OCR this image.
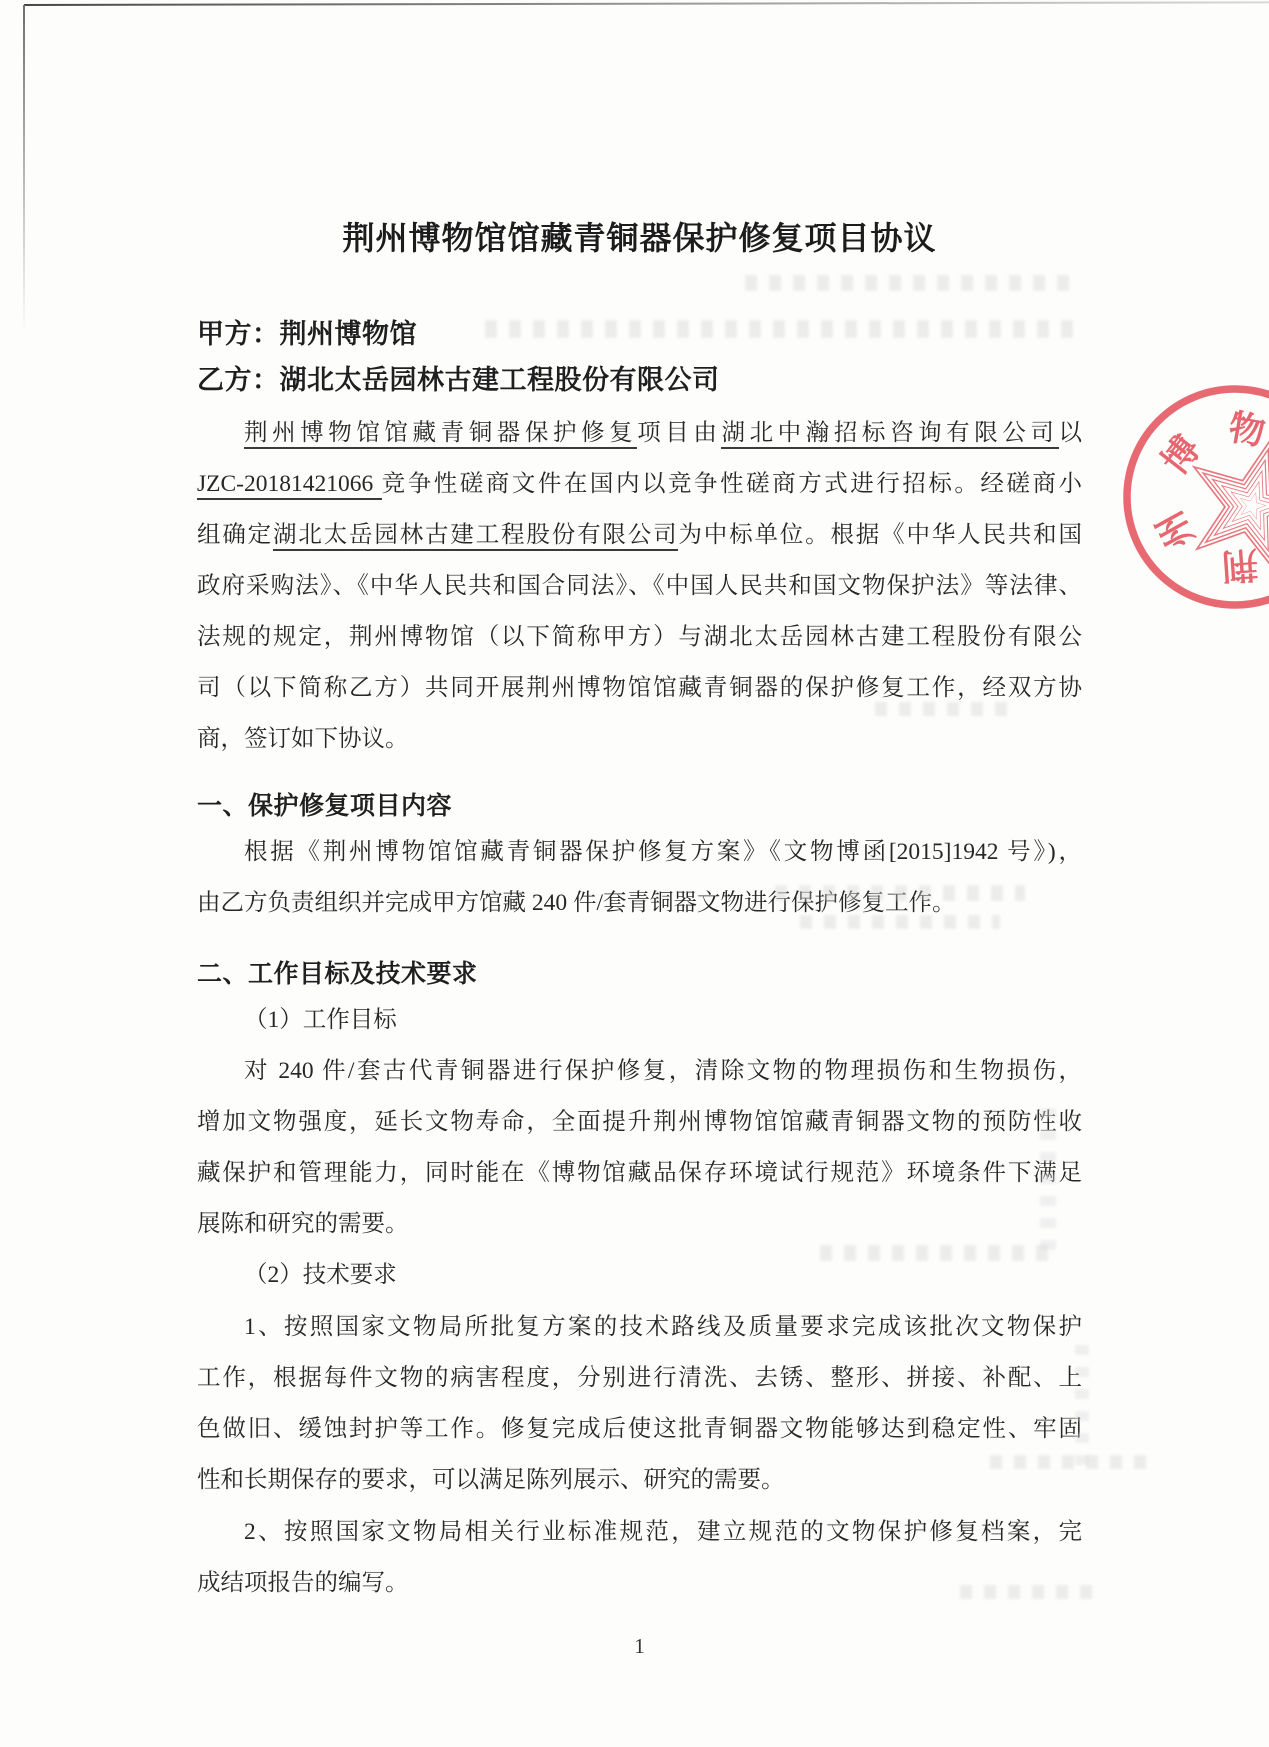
荆州博物馆馆藏青铜器保护修复项目协议
甲方：荆州博物馆
乙方：湖北太岳园林古建工程股份有限公司
荆州博物馆馆藏青铜器保护修复项目由湖北中瀚招标咨询有限公司以
JZC-20181421066 竞争性磋商文件在国内以竞争性磋商方式进行招标。经磋商小
组确定湖北太岳园林古建工程股份有限公司为中标单位。根据《中华人民共和国
政府采购法》、《中华人民共和国合同法》、《中国人民共和国文物保护法》等法律、
法规的规定，荆州博物馆（以下简称甲方）与湖北太岳园林古建工程股份有限公
司（以下简称乙方）共同开展荆州博物馆馆藏青铜器的保护修复工作，经双方协
商，签订如下协议。
一、保护修复项目内容
根据《荆州博物馆馆藏青铜器保护修复方案》《文物博函[2015]1942 号》)，
由乙方负责组织并完成甲方馆藏 240 件/套青铜器文物进行保护修复工作。
二、工作目标及技术要求
（1）工作目标
对 240 件/套古代青铜器进行保护修复，清除文物的物理损伤和生物损伤，
增加文物强度，延长文物寿命，全面提升荆州博物馆馆藏青铜器文物的预防性收
藏保护和管理能力，同时能在《博物馆藏品保存环境试行规范》环境条件下满足
展陈和研究的需要。
（2）技术要求
1、按照国家文物局所批复方案的技术路线及质量要求完成该批次文物保护
工作，根据每件文物的病害程度，分别进行清洗、去锈、整形、拼接、补配、上
色做旧、缓蚀封护等工作。修复完成后使这批青铜器文物能够达到稳定性、牢固
性和长期保存的要求，可以满足陈列展示、研究的需要。
2、按照国家文物局相关行业标准规范，建立规范的文物保护修复档案，完
成结项报告的编写。
1
荆
州
博 物
